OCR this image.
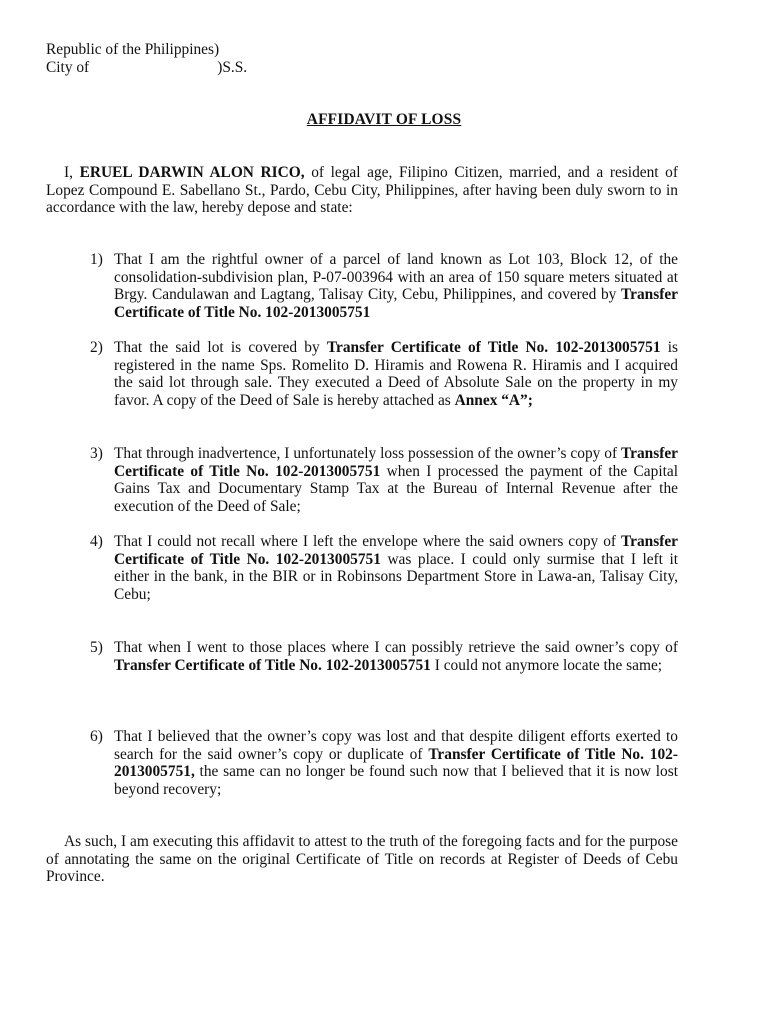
Republic of the Philippines)
City of	)S.S.
AFFIDAVIT OF LOSS
I, ERUEL DARWIN ALON RICO, of legal age, Filipino Citizen, married, and a resident of Lopez Compound E. Sabellano St., Pardo, Cebu City, Philippines, after having been duly sworn to in accordance with the law, hereby depose and state:
1) That I am the rightful owner of a parcel of land known as Lot 103, Block 12, of the consolidation-subdivision plan, P-07-003964 with an area of 150 square meters situated at Brgy. Candulawan and Lagtang, Talisay City, Cebu, Philippines, and covered by Transfer Certificate of Title No. 102-2013005751
2) That the said lot is covered by Transfer Certificate of Title No. 102-2013005751 is registered in the name Sps. Romelito D. Hiramis and Rowena R. Hiramis and I acquired the said lot through sale. They executed a Deed of Absolute Sale on the property in my favor. A copy of the Deed of Sale is hereby attached as Annex “A”;
3) That through inadvertence, I unfortunately loss possession of the owner’s copy of Transfer Certificate of Title No. 102-2013005751 when I processed the payment of the Capital Gains Tax and Documentary Stamp Tax at the Bureau of Internal Revenue after the execution of the Deed of Sale;
4) That I could not recall where I left the envelope where the said owners copy of Transfer Certificate of Title No. 102-2013005751 was place. I could only surmise that I left it either in the bank, in the BIR or in Robinsons Department Store in Lawa-an, Talisay City, Cebu;
5) That when I went to those places where I can possibly retrieve the said owner’s copy of Transfer Certificate of Title No. 102-2013005751 I could not anymore locate the same;
6) That I believed that the owner’s copy was lost and that despite diligent efforts exerted to search for the said owner’s copy or duplicate of Transfer Certificate of Title No. 102-2013005751, the same can no longer be found such now that I believed that it is now lost beyond recovery;
As such, I am executing this affidavit to attest to the truth of the foregoing facts and for the purpose of annotating the same on the original Certificate of Title on records at Register of Deeds of Cebu Province.
